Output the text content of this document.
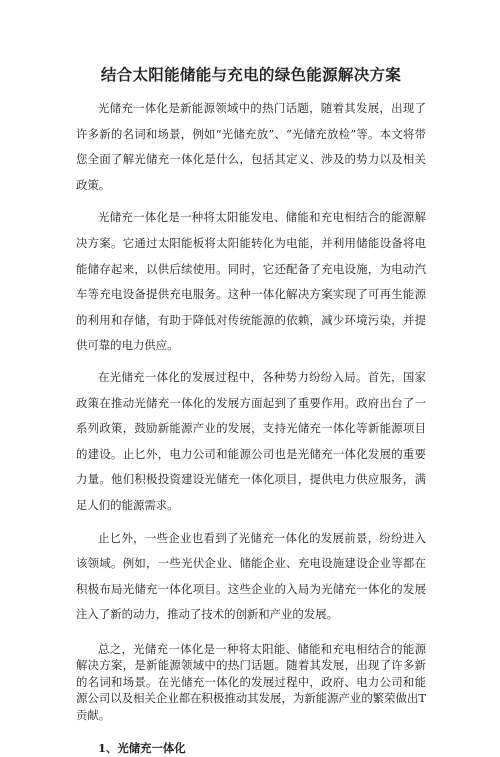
结合太阳能储能与充电的绿色能源解决方案

光储充一体化是新能源领域中的热门话题，随着其发展，出现了许多新的名词和场景，例如“光储充放”、“光储充放检”等。本文将带您全面了解光储充一体化是什么，包括其定义、涉及的势力以及相关政策。

光储充一体化是一种将太阳能发电、储能和充电相结合的能源解决方案。它通过太阳能板将太阳能转化为电能，并利用储能设备将电能储存起来，以供后续使用。同时，它还配备了充电设施，为电动汽车等充电设备提供充电服务。这种一体化解决方案实现了可再生能源的利用和存储，有助于降低对传统能源的依赖，减少环境污染，并提供可靠的电力供应。

在光储充一体化的发展过程中，各种势力纷纷入局。首先，国家政策在推动光储充一体化的发展方面起到了重要作用。政府出台了一系列政策，鼓励新能源产业的发展，支持光储充一体化等新能源项目的建设。止匕外，电力公司和能源公司也是光储充一体化发展的重要力量。他们积极投资建设光储充一体化项目，提供电力供应服务，满足人们的能源需求。

止匕外，一些企业也看到了光储充一体化的发展前景，纷纷进入该领域。例如，一些光伏企业、储能企业、充电设施建设企业等都在积极布局光储充一体化项目。这些企业的入局为光储充一体化的发展注入了新的动力，推动了技术的创新和产业的发展。

总之，光储充一体化是一种将太阳能、储能和充电相结合的能源解决方案，是新能源领域中的热门话题。随着其发展，出现了许多新的名词和场景。在光储充一体化的发展过程中，政府、电力公司和能源公司以及相关企业都在积极推动其发展，为新能源产业的繁荣做出T贡献。

1、光储充一体化
